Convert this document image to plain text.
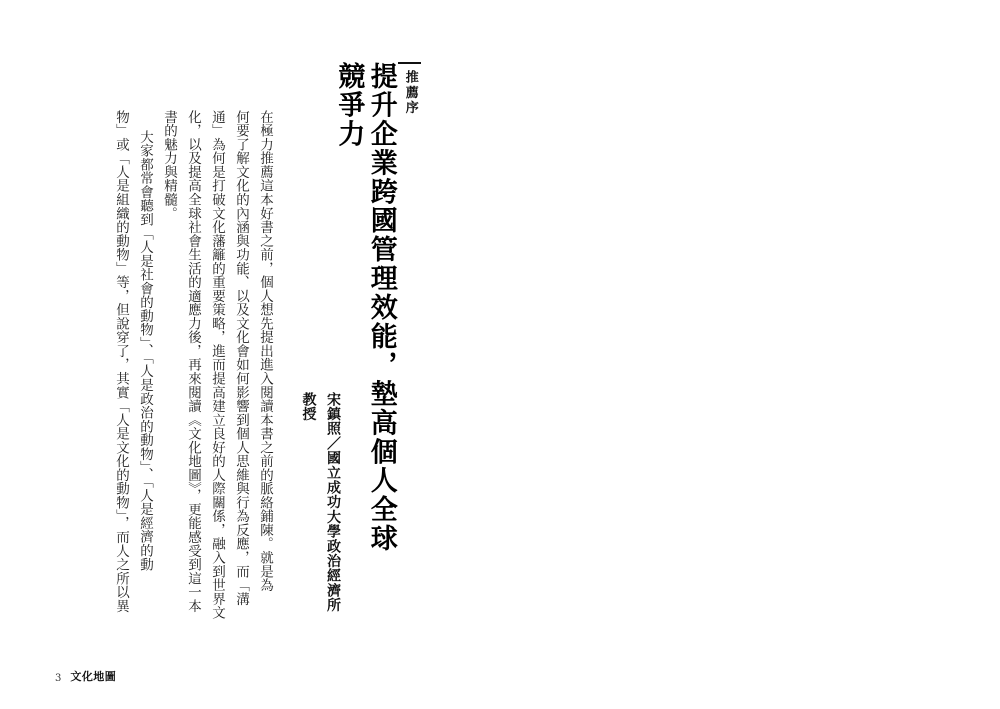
推薦序
提升企業跨國管理效能，墊高個人全球競爭力
宋鎮照／國立成功大學政治經濟所教授
在極力推薦這本好書之前，個人想先提出進入閱讀本書之前的脈絡鋪陳。就是為
何要了解文化的內涵與功能、以及文化會如何影響到個人思維與行為反應，而「溝
通」為何是打破文化藩籬的重要策略，進而提高建立良好的人際關係，融入到世界文
化，以及提高全球社會生活的適應力後，再來閱讀《文化地圖》，更能感受到這一本
書的魅力與精髓。
大家都常會聽到「人是社會的動物」、「人是政治的動物」、「人是經濟的動
物」或「人是組織的動物」等，但說穿了，其實「人是文化的動物」，而人之所以異
3 文化地圖
